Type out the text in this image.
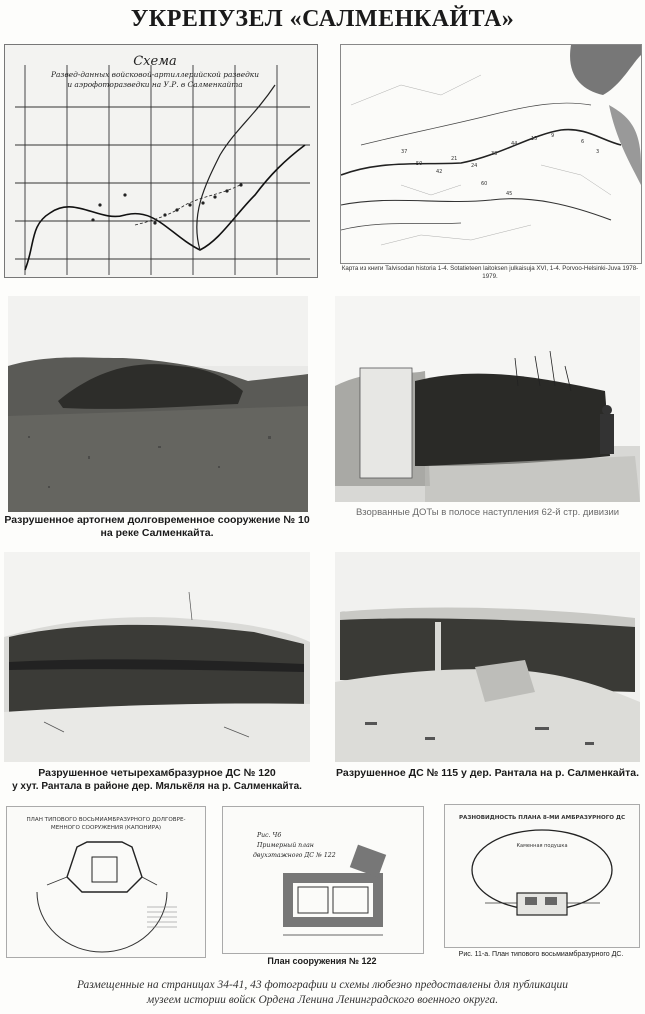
УКРЕПУЗЕЛ «САЛМЕНКАЙТА»
Схема
Развед-данных войсковой-артиллерийской разведки
и аэрофоторазведки на У.Р. в Салменкайта
37
50
42
21
24
33
44
15	9
6
3
60
45
Карта из книги Talvisodan historia 1-4. Sotatieteen laitoksen julkaisuja XVI, 1-4. Porvoo-Helsinki-Juva 1978-1979.
Разрушенное артогнем долговременное сооружение № 10
на реке Салменкайта.
Взорванные ДОТы в полосе наступления 62-й стр. дивизии
Разрушенное четырехамбразурное ДС № 120
у хут. Рантала в районе дер. Мялькёля на р. Салменкайта.
Разрушенное ДС № 115 у дер. Рантала на р. Салменкайта.
ПЛАН ТИПОВОГО ВОСЬМИАМБРАЗУРНОГО ДОЛГОВРЕ-
МЕННОГО СООРУЖЕНИЯ (КАПОНИРА)
Рис. Ч6
Примерный план
двухэтажного ДС № 122
План сооружения № 122
РАЗНОВИДНОСТЬ ПЛАНА 8-МИ АМБРАЗУРНОГО ДС
Каменная подушка
Рис. 11-а. План типового восьмиамбразурного ДС.
Размещенные на страницах 34-41, 43 фотографии и схемы любезно предоставлены для публикации
музеем истории войск Ордена Ленина Ленинградского военного округа.
